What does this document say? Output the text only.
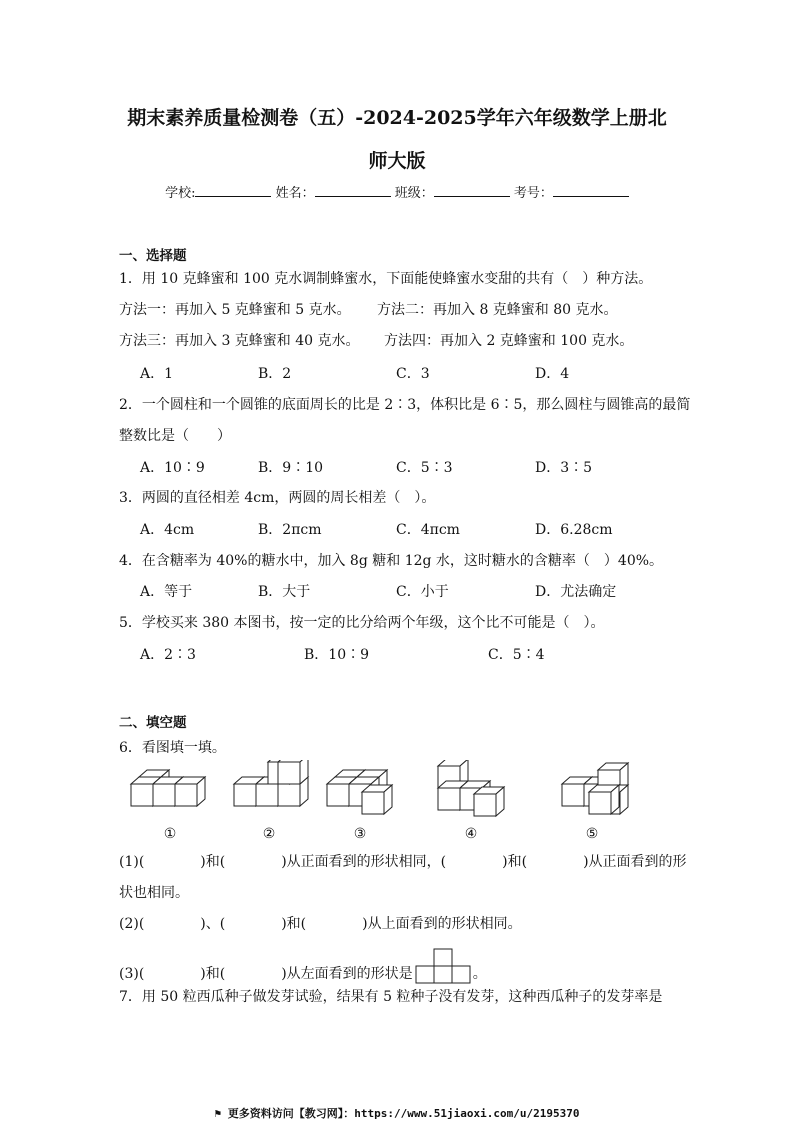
期末素养质量检测卷（五）-2024-2025学年六年级数学上册北
师大版
学校:	姓名：	班级：	考号：
一、选择题
1．用 10 克蜂蜜和 100 克水调制蜂蜜水，下面能使蜂蜜水变甜的共有（　）种方法。
方法一：再加入 5 克蜂蜜和 5 克水。 方法二：再加入 8 克蜂蜜和 80 克水。
方法三：再加入 3 克蜂蜜和 40 克水。 方法四：再加入 2 克蜂蜜和 100 克水。
A．1	B．2	C．3	D．4
2．一个圆柱和一个圆锥的底面周长的比是 2∶3，体积比是 6∶5，那么圆柱与圆锥高的最简
整数比是（　　）
A．10∶9	B．9∶10	C．5∶3	D．3∶5
3．两圆的直径相差 4cm，两圆的周长相差（　）。
A．4cm	B．2πcm	C．4πcm	D．6.28cm
4．在含糖率为 40%的糖水中，加入 8g 糖和 12g 水，这时糖水的含糖率（　）40%。
A．等于	B．大于	C．小于	D．尤法确定
5．学校买来 380 本图书，按一定的比分给两个年级，这个比不可能是（　）。
A．2∶3	B．10∶9	C．5∶4
二、填空题
6．看图填一填。
①	②	③	④	⑤
(1)(　　　　)和(　　　　)从正面看到的形状相同，(　　　　)和(　　　　)从正面看到的形
状也相同。
(2)(　　　　)、(　　　　)和(　　　　)从上面看到的形状相同。
(3)(　　　　)和(　　　　)从左面看到的形状是	。
7．用 50 粒西瓜种子做发芽试验，结果有 5 粒种子没有发芽，这种西瓜种子的发芽率是
⚑ 更多资料访问【教习网】：https://www.51jiaoxi.com/u/2195370
